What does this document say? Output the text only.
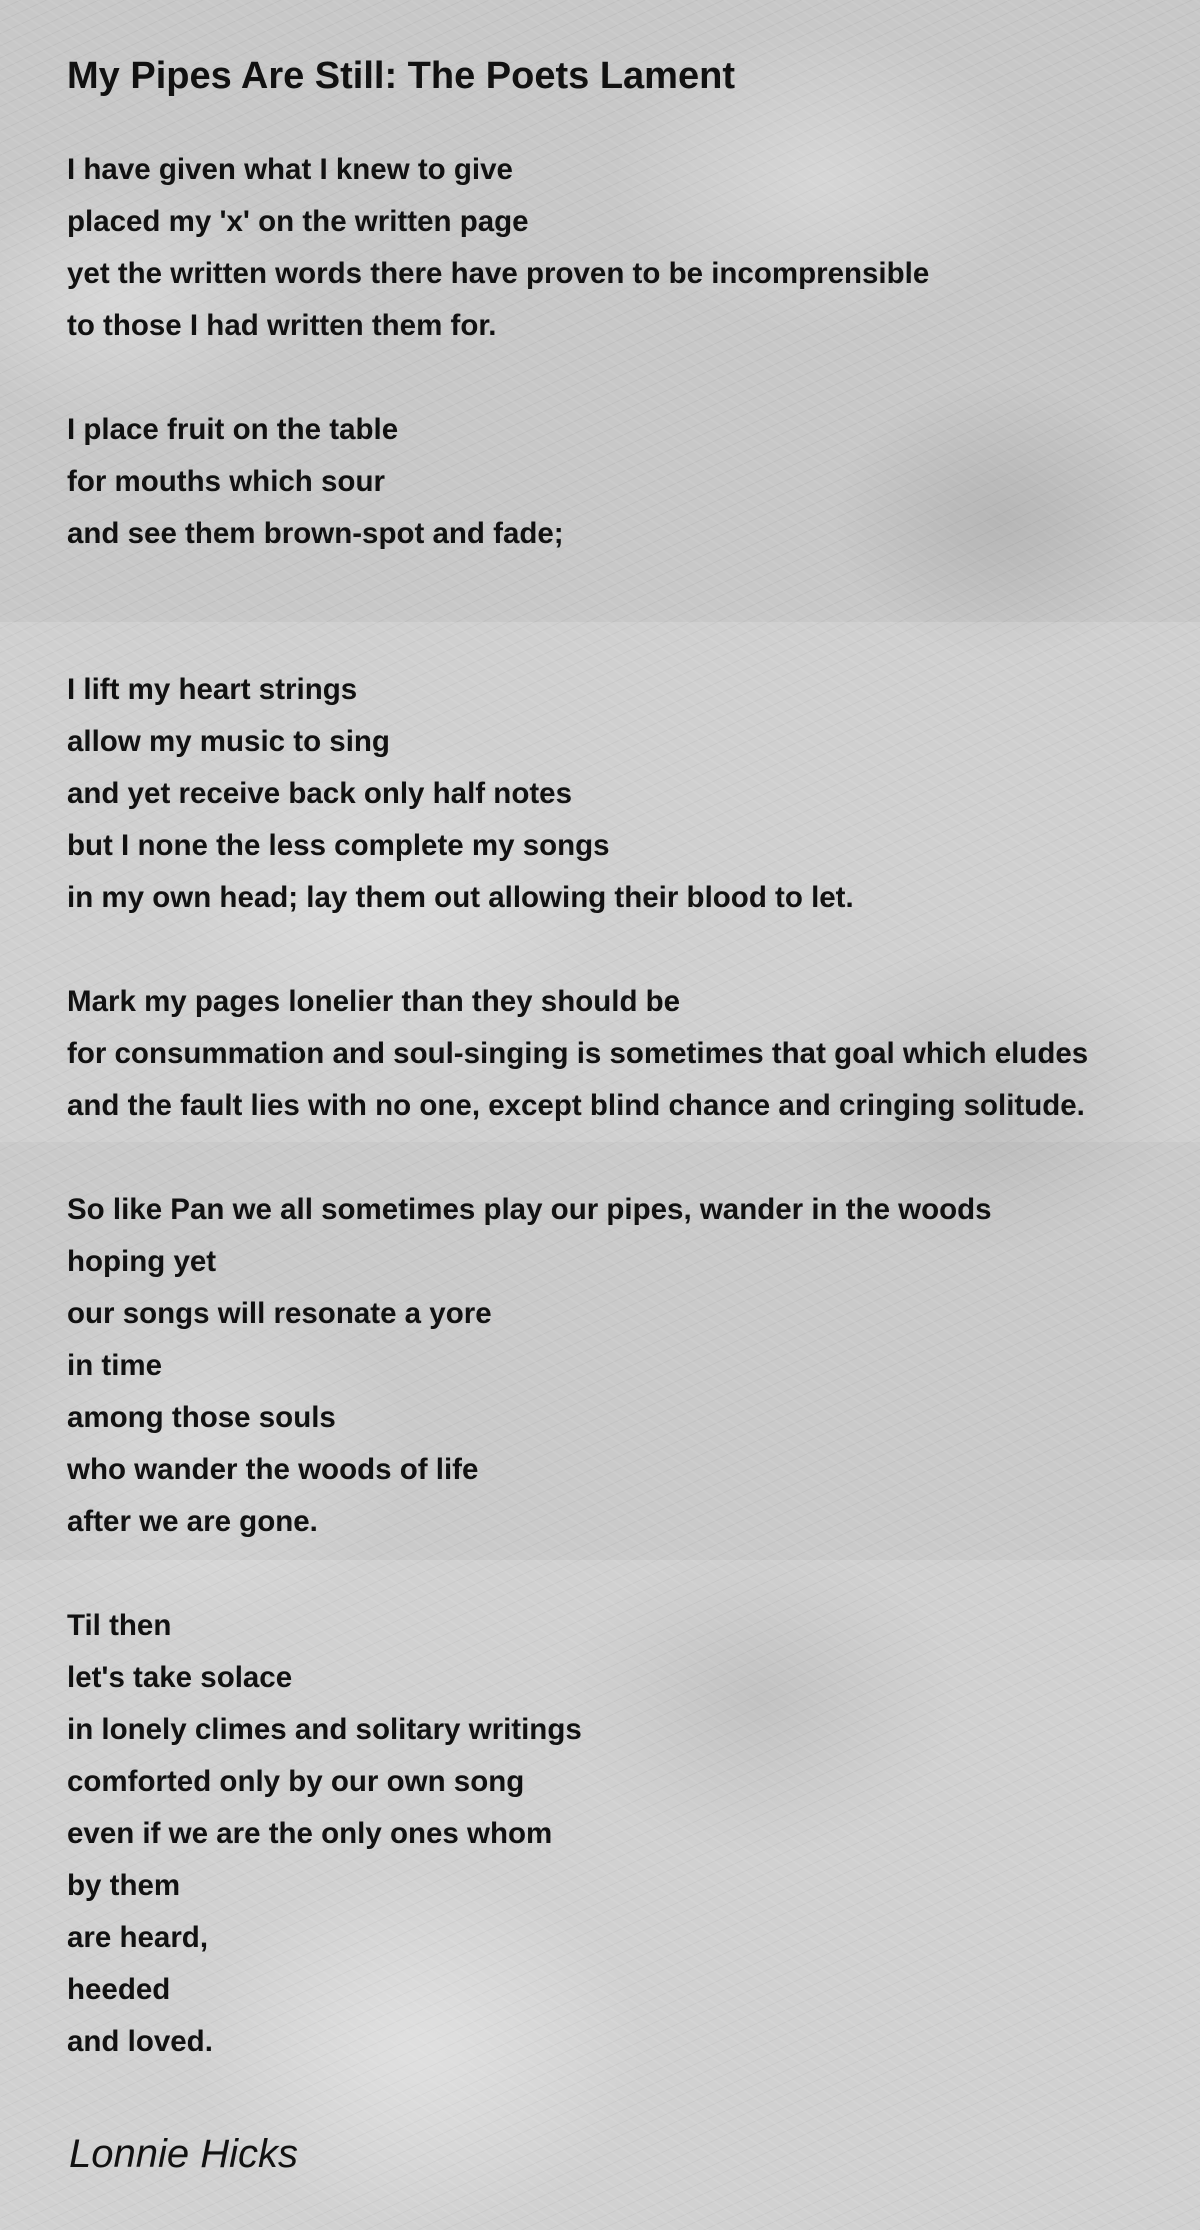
My Pipes Are Still: The Poets Lament
I have given what I knew to give
placed my 'x' on the written page
yet the written words there have proven to be incomprensible
to those I had written them for.
I place fruit on the table
for mouths which sour
and see them brown-spot and fade;
I lift my heart strings
allow my music to sing
and yet receive back only half notes
but I none the less complete my songs
in my own head; lay them out allowing their blood to let.
Mark my pages lonelier than they should be
for consummation and soul-singing is sometimes that goal which eludes
and the fault lies with no one, except blind chance and cringing solitude.
So like Pan we all sometimes play our pipes, wander in the woods
hoping yet
our songs will resonate a yore
in time
among those souls
who wander the woods of life
after we are gone.
Til then
let's take solace
in lonely climes and solitary writings
comforted only by our own song
even if we are the only ones whom
by them
are heard,
heeded
and loved.
Lonnie Hicks
